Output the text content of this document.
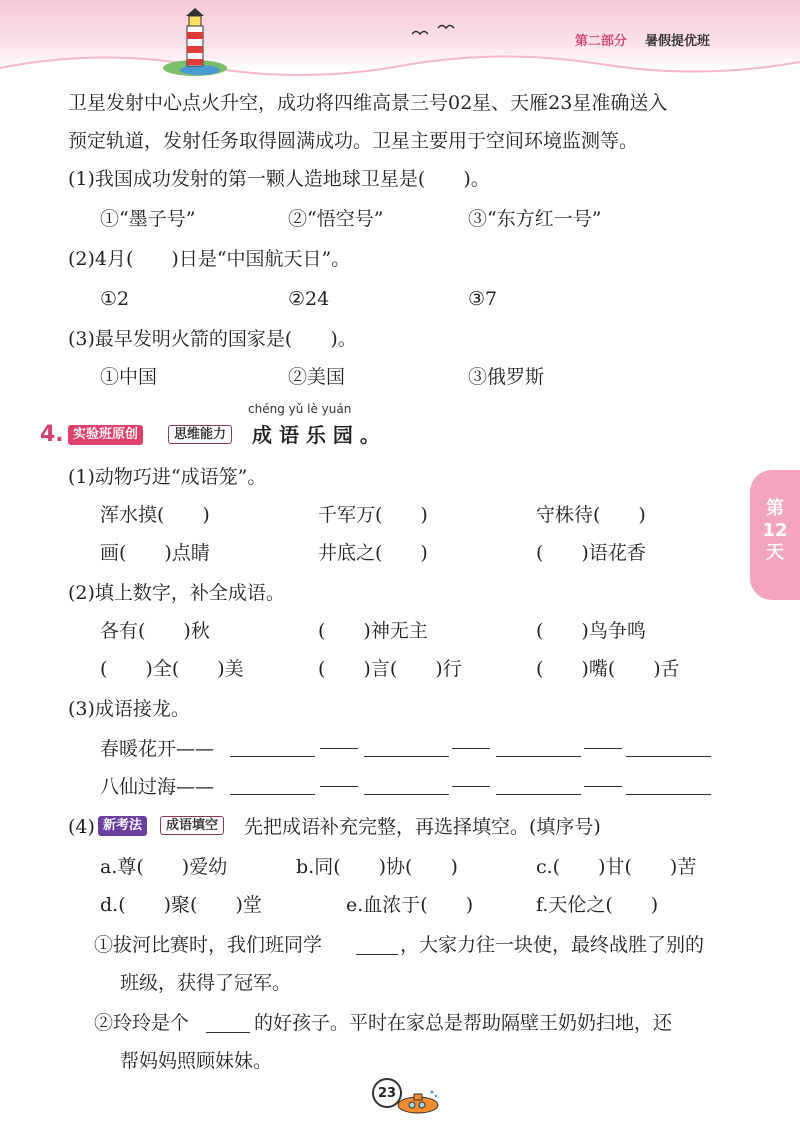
第二部分 暑假提优班
第
12
天
卫星发射中心点火升空，成功将四维高景三号02星、天雁23星准确送入
预定轨道，发射任务取得圆满成功。卫星主要用于空间环境监测等。
(1)我国成功发射的第一颗人造地球卫星是(　　)。
①“墨子号”	②“悟空号”	③“东方红一号”
(2)4月(　　)日是“中国航天日”。
①2	②24	③7
(3)最早发明火箭的国家是(　　)。
①中国	②美国	③俄罗斯
4. 实验班原创	思维能力
chéng yǔ lè yuán
成 语 乐 园 。
(1)动物巧进“成语笼”。
浑水摸(　　)	千军万(　　)	守株待(　　)
画(　　)点睛	井底之(　　)	(　　)语花香
(2)填上数字，补全成语。
各有(　　)秋	(　　)神无主	(　　)鸟争鸣
(　　)全(　　)美	(　　)言(　　)行	(　　)嘴(　　)舌
(3)成语接龙。
春暖花开——
八仙过海——
(4) 新考法	成语填空	先把成语补充完整，再选择填空。(填序号)
a.尊(　　)爱幼	b.同(　　)协(　　)	c.(　　)甘(　　)苦
d.(　　)聚(　　)堂	e.血浓于(　　)	f.天伦之(　　)
①拔河比赛时，我们班同学	，大家力往一块使，最终战胜了别的
班级，获得了冠军。
②玲玲是个	的好孩子。平时在家总是帮助隔壁王奶奶扫地，还
帮妈妈照顾妹妹。
23
